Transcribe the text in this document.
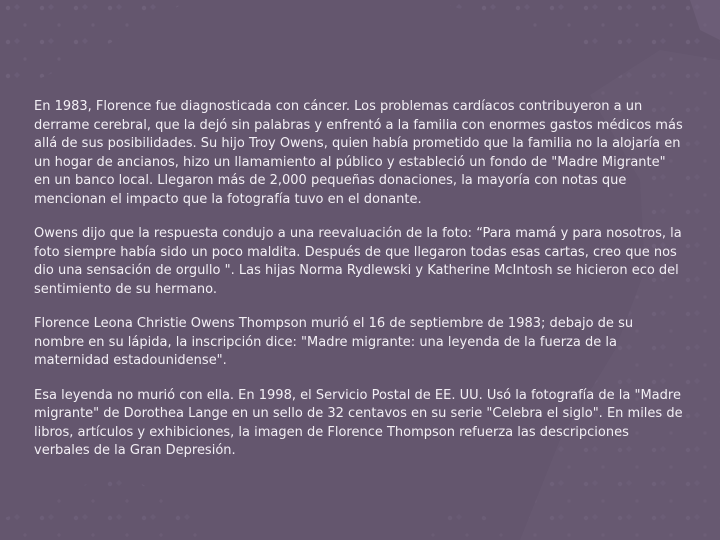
En 1983, Florence fue diagnosticada con cáncer. Los problemas cardíacos contribuyeron a un derrame cerebral, que la dejó sin palabras y enfrentó a la familia con enormes gastos médicos más allá de sus posibilidades. Su hijo Troy Owens, quien había prometido que la familia no la alojaría en un hogar de ancianos, hizo un llamamiento al público y estableció un fondo de "Madre Migrante" en un banco local. Llegaron más de 2,000 pequeñas donaciones, la mayoría con notas que mencionan el impacto que la fotografía tuvo en el donante.

Owens dijo que la respuesta condujo a una reevaluación de la foto: “Para mamá y para nosotros, la foto siempre había sido un poco maldita. Después de que llegaron todas esas cartas, creo que nos dio una sensación de orgullo ". Las hijas Norma Rydlewski y Katherine McIntosh se hicieron eco del sentimiento de su hermano.

Florence Leona Christie Owens Thompson murió el 16 de septiembre de 1983; debajo de su nombre en su lápida, la inscripción dice: "Madre migrante: una leyenda de la fuerza de la maternidad estadounidense".

Esa leyenda no murió con ella. En 1998, el Servicio Postal de EE. UU. Usó la fotografía de la "Madre migrante" de Dorothea Lange en un sello de 32 centavos en su serie "Celebra el siglo". En miles de libros, artículos y exhibiciones, la imagen de Florence Thompson refuerza las descripciones verbales de la Gran Depresión.
